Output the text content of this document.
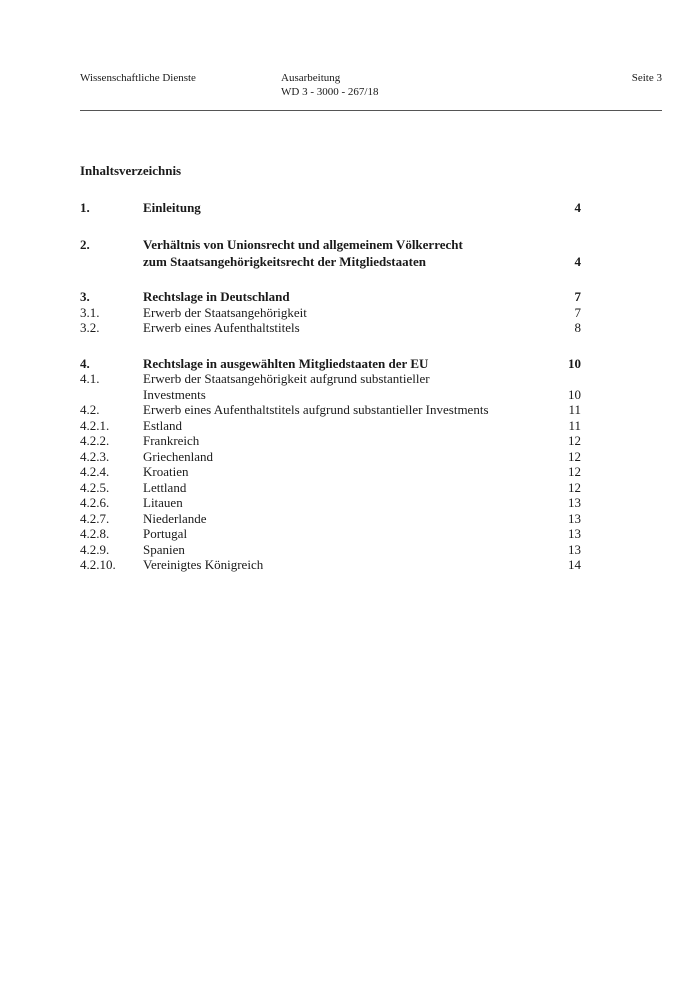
Wissenschaftliche Dienste	Ausarbeitung
WD 3 - 3000 - 267/18
Seite 3
Inhaltsverzeichnis
1.	Einleitung	4
2.	Verhältnis von Unionsrecht und allgemeinem Völkerrecht
zum Staatsangehörigkeitsrecht der Mitgliedstaaten	4
3.	Rechtslage in Deutschland	7
3.1.	Erwerb der Staatsangehörigkeit	7
3.2.	Erwerb eines Aufenthaltstitels	8
4.	Rechtslage in ausgewählten Mitgliedstaaten der EU	10
4.1.	Erwerb der Staatsangehörigkeit aufgrund substantieller
Investments	10
4.2.	Erwerb eines Aufenthaltstitels aufgrund substantieller Investments	11
4.2.1.	Estland	11
4.2.2.	Frankreich	12
4.2.3.	Griechenland	12
4.2.4.	Kroatien	12
4.2.5.	Lettland	12
4.2.6.	Litauen	13
4.2.7.	Niederlande	13
4.2.8.	Portugal	13
4.2.9.	Spanien	13
4.2.10. Vereinigtes Königreich	14
